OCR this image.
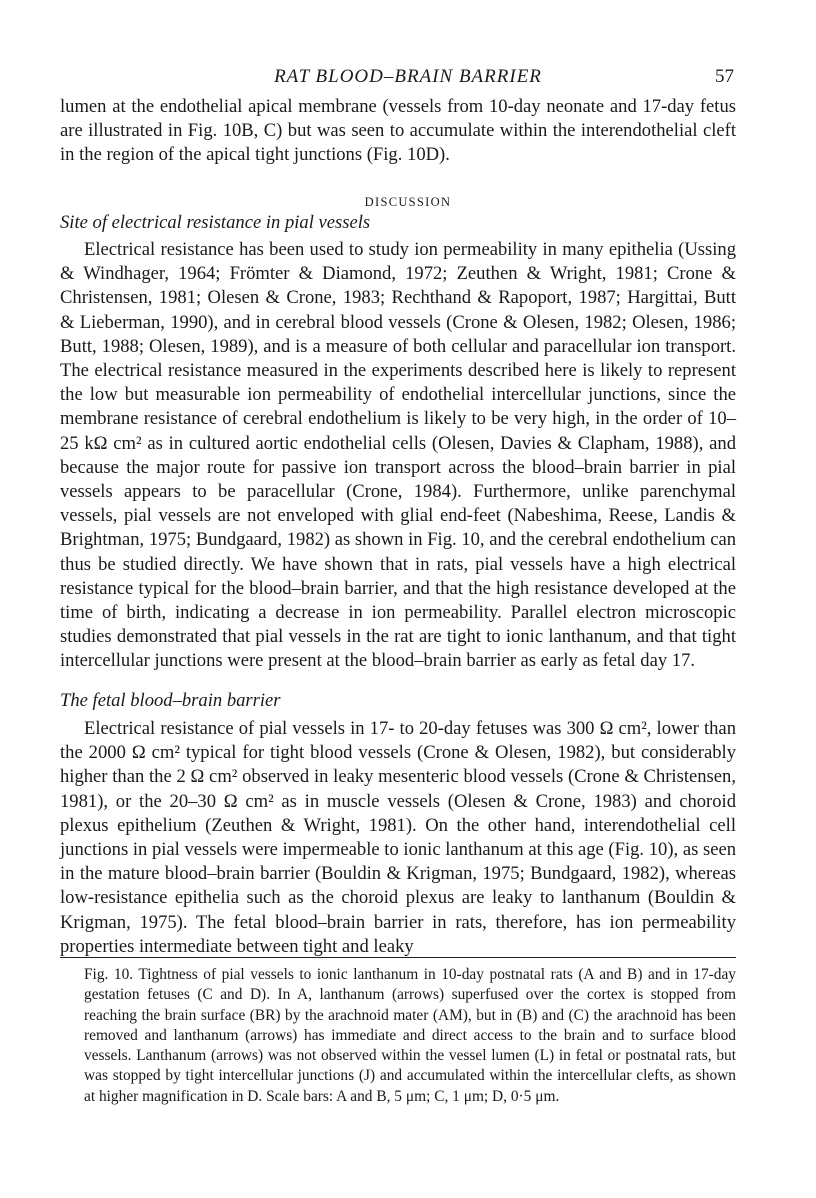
RAT BLOOD–BRAIN BARRIER	57

lumen at the endothelial apical membrane (vessels from 10-day neonate and 17-day fetus are illustrated in Fig. 10B, C) but was seen to accumulate within the interendothelial cleft in the region of the apical tight junctions (Fig. 10D).

DISCUSSION
Site of electrical resistance in pial vessels

Electrical resistance has been used to study ion permeability in many epithelia (Ussing & Windhager, 1964; Frömter & Diamond, 1972; Zeuthen & Wright, 1981; Crone & Christensen, 1981; Olesen & Crone, 1983; Rechthand & Rapoport, 1987; Hargittai, Butt & Lieberman, 1990), and in cerebral blood vessels (Crone & Olesen, 1982; Olesen, 1986; Butt, 1988; Olesen, 1989), and is a measure of both cellular and paracellular ion transport. The electrical resistance measured in the experiments described here is likely to represent the low but measurable ion permeability of endothelial intercellular junctions, since the membrane resistance of cerebral endothelium is likely to be very high, in the order of 10–25 kΩ cm² as in cultured aortic endothelial cells (Olesen, Davies & Clapham, 1988), and because the major route for passive ion transport across the blood–brain barrier in pial vessels appears to be paracellular (Crone, 1984). Furthermore, unlike parenchymal vessels, pial vessels are not enveloped with glial end-feet (Nabeshima, Reese, Landis & Brightman, 1975; Bundgaard, 1982) as shown in Fig. 10, and the cerebral endothelium can thus be studied directly. We have shown that in rats, pial vessels have a high electrical resistance typical for the blood–brain barrier, and that the high resistance developed at the time of birth, indicating a decrease in ion permeability. Parallel electron microscopic studies demonstrated that pial vessels in the rat are tight to ionic lanthanum, and that tight intercellular junctions were present at the blood–brain barrier as early as fetal day 17.

The fetal blood–brain barrier

Electrical resistance of pial vessels in 17- to 20-day fetuses was 300 Ω cm², lower than the 2000 Ω cm² typical for tight blood vessels (Crone & Olesen, 1982), but considerably higher than the 2 Ω cm² observed in leaky mesenteric blood vessels (Crone & Christensen, 1981), or the 20–30 Ω cm² as in muscle vessels (Olesen & Crone, 1983) and choroid plexus epithelium (Zeuthen & Wright, 1981). On the other hand, interendothelial cell junctions in pial vessels were impermeable to ionic lanthanum at this age (Fig. 10), as seen in the mature blood–brain barrier (Bouldin & Krigman, 1975; Bundgaard, 1982), whereas low-resistance epithelia such as the choroid plexus are leaky to lanthanum (Bouldin & Krigman, 1975). The fetal blood–brain barrier in rats, therefore, has ion permeability properties intermediate between tight and leaky

Fig. 10. Tightness of pial vessels to ionic lanthanum in 10-day postnatal rats (A and B) and in 17-day gestation fetuses (C and D). In A, lanthanum (arrows) superfused over the cortex is stopped from reaching the brain surface (BR) by the arachnoid mater (AM), but in (B) and (C) the arachnoid has been removed and lanthanum (arrows) has immediate and direct access to the brain and to surface blood vessels. Lanthanum (arrows) was not observed within the vessel lumen (L) in fetal or postnatal rats, but was stopped by tight intercellular junctions (J) and accumulated within the intercellular clefts, as shown at higher magnification in D. Scale bars: A and B, 5 μm; C, 1 μm; D, 0·5 μm.
